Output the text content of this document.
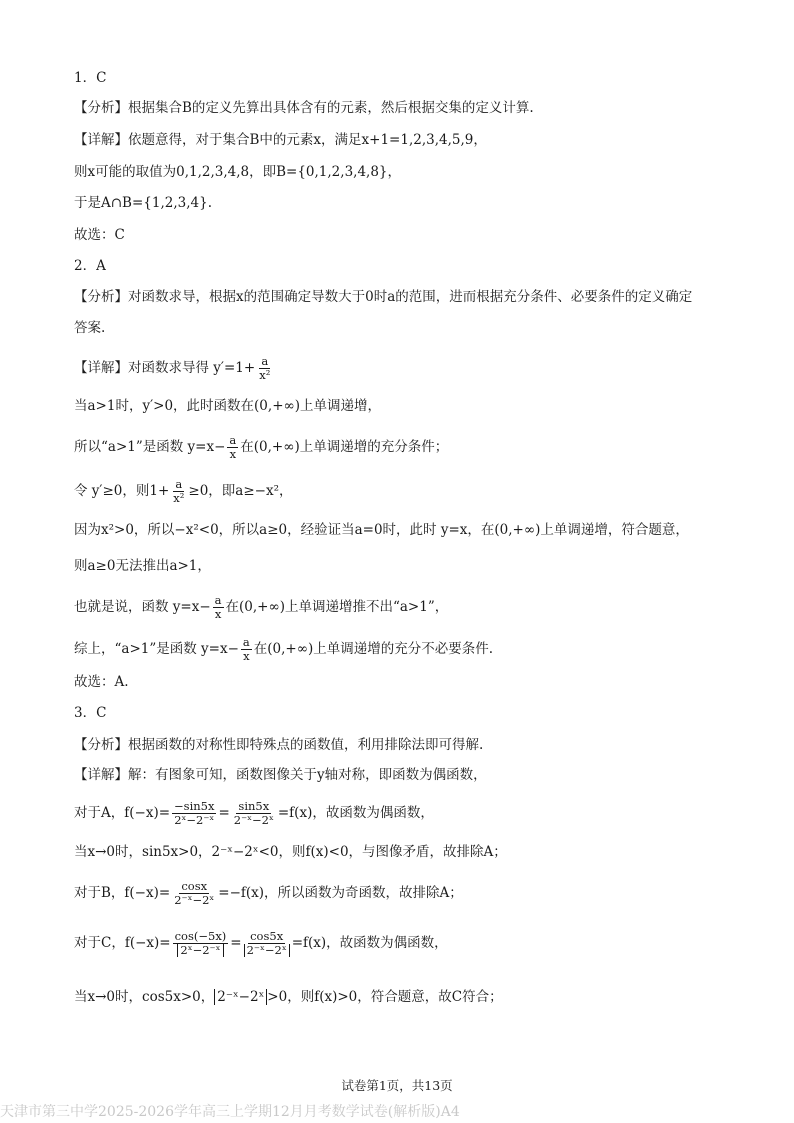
1．C
【分析】根据集合B的定义先算出具体含有的元素，然后根据交集的定义计算.
【详解】依题意得，对于集合B中的元素x，满足x+1=1,2,3,4,5,9，
则x可能的取值为0,1,2,3,4,8，即B={0,1,2,3,4,8}，
于是A∩B={1,2,3,4}.
故选：C
2．A
【分析】对函数求导，根据x的范围确定导数大于0时a的范围，进而根据充分条件、必要条件的定义确定
答案.
【详解】对函数求导得 $y'=1+ \frac{a}{\text{x²}}$
当a>1时，y′>0，此时函数在(0,+∞)上单调递增，
所以“a>1”是函数 $y=x- \frac{a}{x}$ 在(0,+∞)上单调递增的充分条件；
令 y′≥0，则$1+ \frac{a}{\text{x²}} \ge 0$，即a≥−x²，
因为x²>0，所以−x²<0，所以a≥0，经验证当a=0时，此时 y=x，在(0,+∞)上单调递增，符合题意，
则a≥0无法推出a>1，
也就是说，函数 $y=x- \frac{a}{x}$ 在(0,+∞)上单调递增推不出“a>1”，
综上，“a>1”是函数 $y=x- \frac{a}{x}$ 在(0,+∞)上单调递增的充分不必要条件.
故选：A.
3．C
【分析】根据函数的对称性即特殊点的函数值，利用排除法即可得解.
【详解】解：有图象可知，函数图像关于y轴对称，即函数为偶函数，
对于A，$f(-x)= \frac{-\sin 5x}{\text{2ˣ−2⁻ˣ}} = \frac{\sin 5x}{\text{2⁻ˣ−2ˣ}} =f(x)$，故函数为偶函数，
当x→0时，sin5x>0，2⁻ˣ−2ˣ<0，则f(x)<0，与图像矛盾，故排除A；
对于B，$f(-x)= \frac{\cos x}{\text{2⁻ˣ−2ˣ}} =-f(x)$，所以函数为奇函数，故排除A；
对于C，$f(-x)= \frac{\cos(-5x)}{\text{2ˣ−2⁻ˣ}} = \frac{\cos 5x}{\text{2⁻ˣ−2ˣ}} =f(x)$，故函数为偶函数，
当x→0时，cos5x>0， 2⁻ˣ−2ˣ >0，则f(x)>0，符合题意，故C符合；
试卷第1页，共13页
天津市第三中学2025-2026学年高三上学期12月月考数学试卷(解析版)A4
